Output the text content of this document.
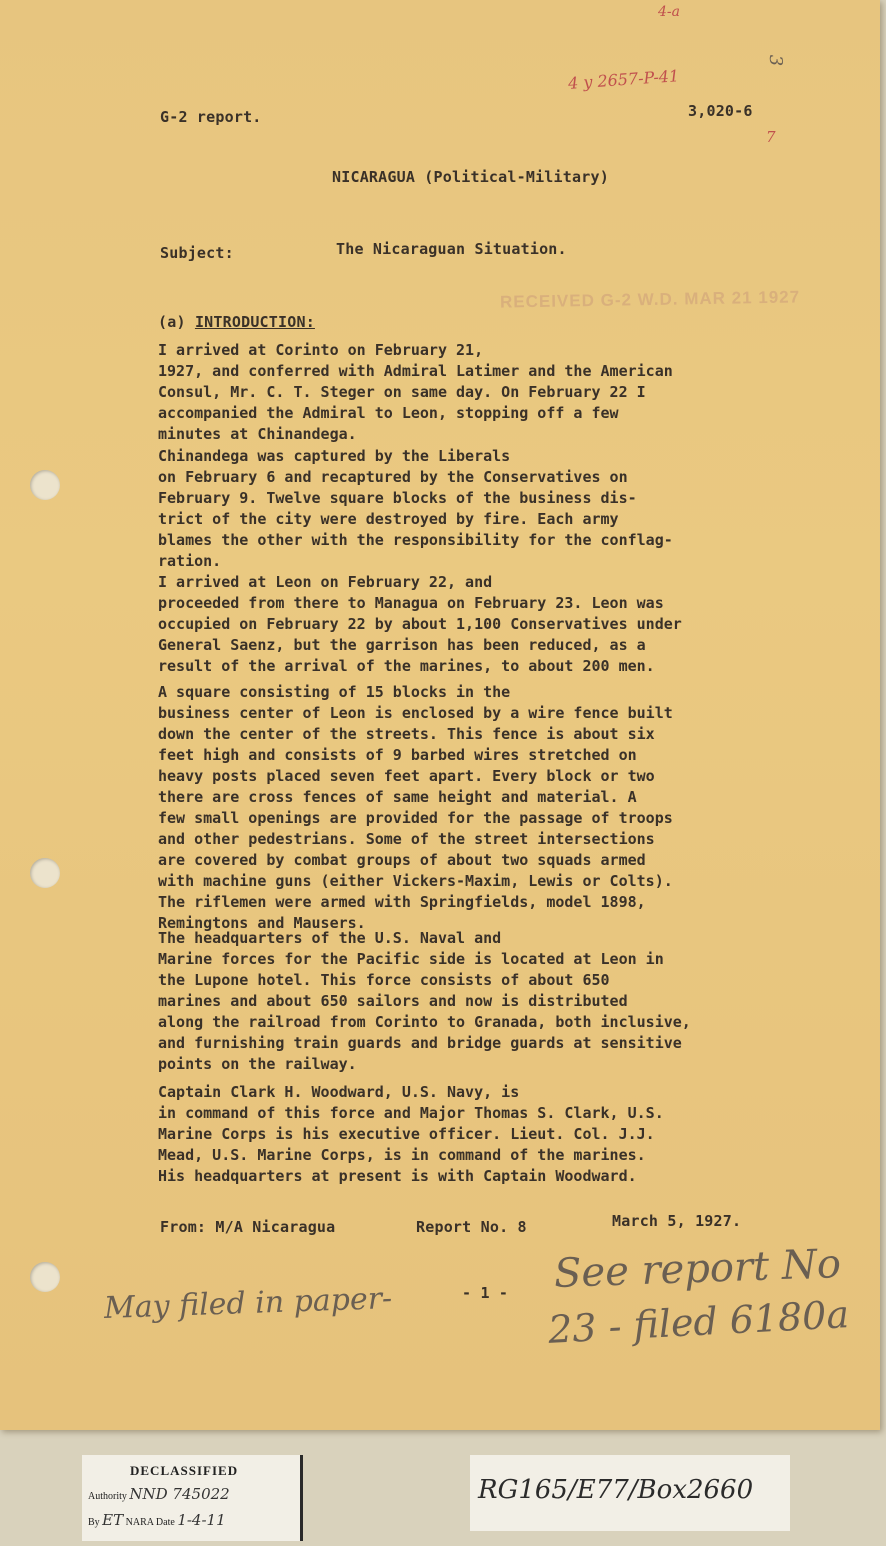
4-a
4 y 2657-P-41
7
3
G-2 report.	3,020-6
NICARAGUA (Political-Military)
Subject:	The Nicaraguan Situation.
RECEIVED G-2 W.D. MAR 21 1927
(a) INTRODUCTION:
I arrived at Corinto on February 21,
1927, and conferred with Admiral Latimer and the American
Consul, Mr. C. T. Steger on same day. On February 22 I
accompanied the Admiral to Leon, stopping off a few
minutes at Chinandega.
Chinandega was captured by the Liberals
on February 6 and recaptured by the Conservatives on
February 9. Twelve square blocks of the business dis-
trict of the city were destroyed by fire. Each army
blames the other with the responsibility for the conflag-
ration.
I arrived at Leon on February 22, and
proceeded from there to Managua on February 23. Leon was
occupied on February 22 by about 1,100 Conservatives under
General Saenz, but the garrison has been reduced, as a
result of the arrival of the marines, to about 200 men.
A square consisting of 15 blocks in the
business center of Leon is enclosed by a wire fence built
down the center of the streets. This fence is about six
feet high and consists of 9 barbed wires stretched on
heavy posts placed seven feet apart. Every block or two
there are cross fences of same height and material. A
few small openings are provided for the passage of troops
and other pedestrians. Some of the street intersections
are covered by combat groups of about two squads armed
with machine guns (either Vickers-Maxim, Lewis or Colts).
The riflemen were armed with Springfields, model 1898,
Remingtons and Mausers.
The headquarters of the U.S. Naval and
Marine forces for the Pacific side is located at Leon in
the Lupone hotel. This force consists of about 650
marines and about 650 sailors and now is distributed
along the railroad from Corinto to Granada, both inclusive,
and furnishing train guards and bridge guards at sensitive
points on the railway.
Captain Clark H. Woodward, U.S. Navy, is
in command of this force and Major Thomas S. Clark, U.S.
Marine Corps is his executive officer. Lieut. Col. J.J.
Mead, U.S. Marine Corps, is in command of the marines.
His headquarters at present is with Captain Woodward.
From: M/A Nicaragua	Report No. 8	March 5, 1927.
- 1 - See report No
23 - filed 6180a
May filed in paper-
DECLASSIFIED
Authority NND 745022
By ET NARA Date 1-4-11
RG165/E77/Box2660
